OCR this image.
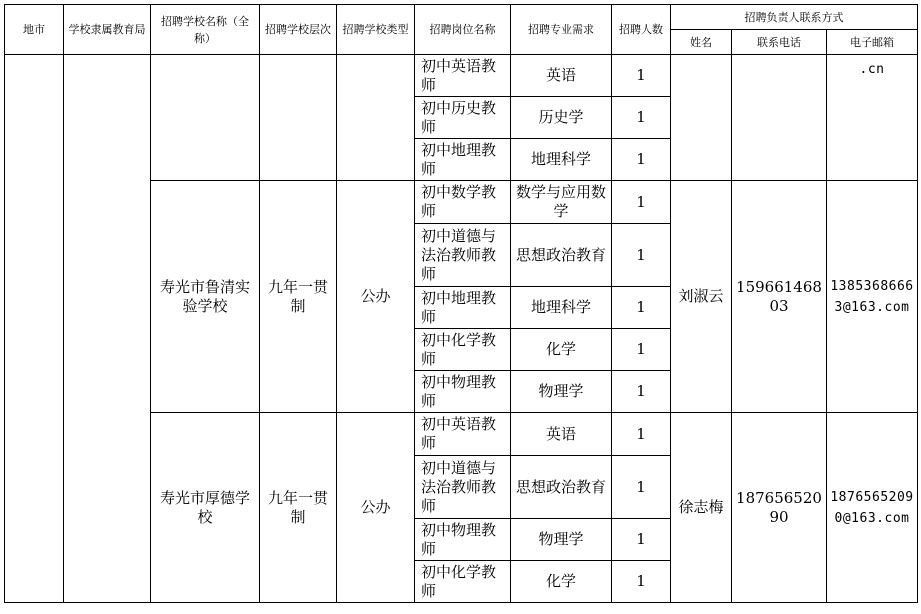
地市	学校隶属教育局	招聘学校名称（全称）	招聘学校层次	招聘学校类型	招聘岗位名称	招聘专业需求	招聘人数	招聘负责人联系方式		
								姓名	联系电话	电子邮箱
					初中英语教师	英语	1			.cn
					初中历史教师	历史学	1			
					初中地理教师	地理科学	1			
		寿光市鲁清实验学校	九年一贯制	公办	初中数学教师	数学与应用数学	1	刘淑云	15966146803	13853686663@163.com
					初中道德与法治教师教师	思想政治教育	1			
					初中地理教师	地理科学	1			
					初中化学教师	化学	1			
					初中物理教师	物理学	1			
		寿光市厚德学校	九年一贯制	公办	初中英语教师	英语	1	徐志梅	18765652090	18765652090@163.com
					初中道德与法治教师教师	思想政治教育	1			
					初中物理教师	物理学	1			
					初中化学教师	化学	1			
